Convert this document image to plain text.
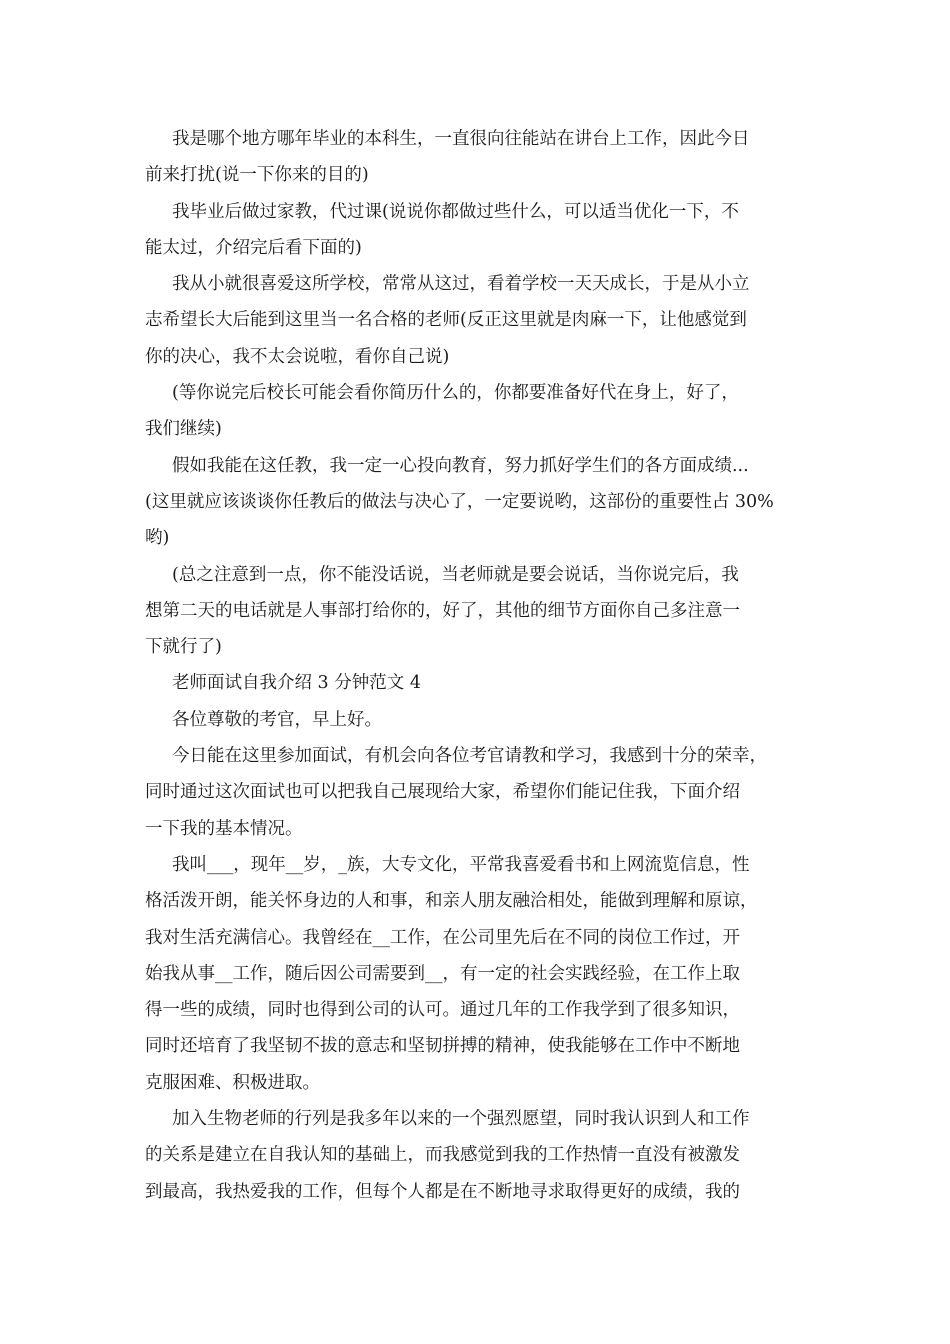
我是哪个地方哪年毕业的本科生，一直很向往能站在讲台上工作，因此今日
前来打扰(说一下你来的目的)
我毕业后做过家教，代过课(说说你都做过些什么，可以适当优化一下，不
能太过，介绍完后看下面的)
我从小就很喜爱这所学校，常常从这过，看着学校一天天成长，于是从小立
志希望长大后能到这里当一名合格的老师(反正这里就是肉麻一下，让他感觉到
你的决心，我不太会说啦，看你自己说)
(等你说完后校长可能会看你简历什么的，你都要准备好代在身上，好了，
我们继续)
假如我能在这任教，我一定一心投向教育，努力抓好学生们的各方面成绩...
(这里就应该谈谈你任教后的做法与决心了，一定要说哟，这部份的重要性占 30%
哟)
(总之注意到一点，你不能没话说，当老师就是要会说话，当你说完后，我
想第二天的电话就是人事部打给你的，好了，其他的细节方面你自己多注意一
下就行了)
老师面试自我介绍 3 分钟范文 4
各位尊敬的考官，早上好。
今日能在这里参加面试，有机会向各位考官请教和学习，我感到十分的荣幸，
同时通过这次面试也可以把我自己展现给大家，希望你们能记住我，下面介绍
一下我的基本情况。
我叫___，现年__岁，_族，大专文化，平常我喜爱看书和上网流览信息，性
格活泼开朗，能关怀身边的人和事，和亲人朋友融洽相处，能做到理解和原谅，
我对生活充满信心。我曾经在__工作，在公司里先后在不同的岗位工作过，开
始我从事__工作，随后因公司需要到__，有一定的社会实践经验，在工作上取
得一些的成绩，同时也得到公司的认可。通过几年的工作我学到了很多知识，
同时还培育了我坚韧不拔的意志和坚韧拼搏的精神，使我能够在工作中不断地
克服困难、积极进取。
加入生物老师的行列是我多年以来的一个强烈愿望，同时我认识到人和工作
的关系是建立在自我认知的基础上，而我感觉到我的工作热情一直没有被激发
到最高，我热爱我的工作，但每个人都是在不断地寻求取得更好的成绩，我的
